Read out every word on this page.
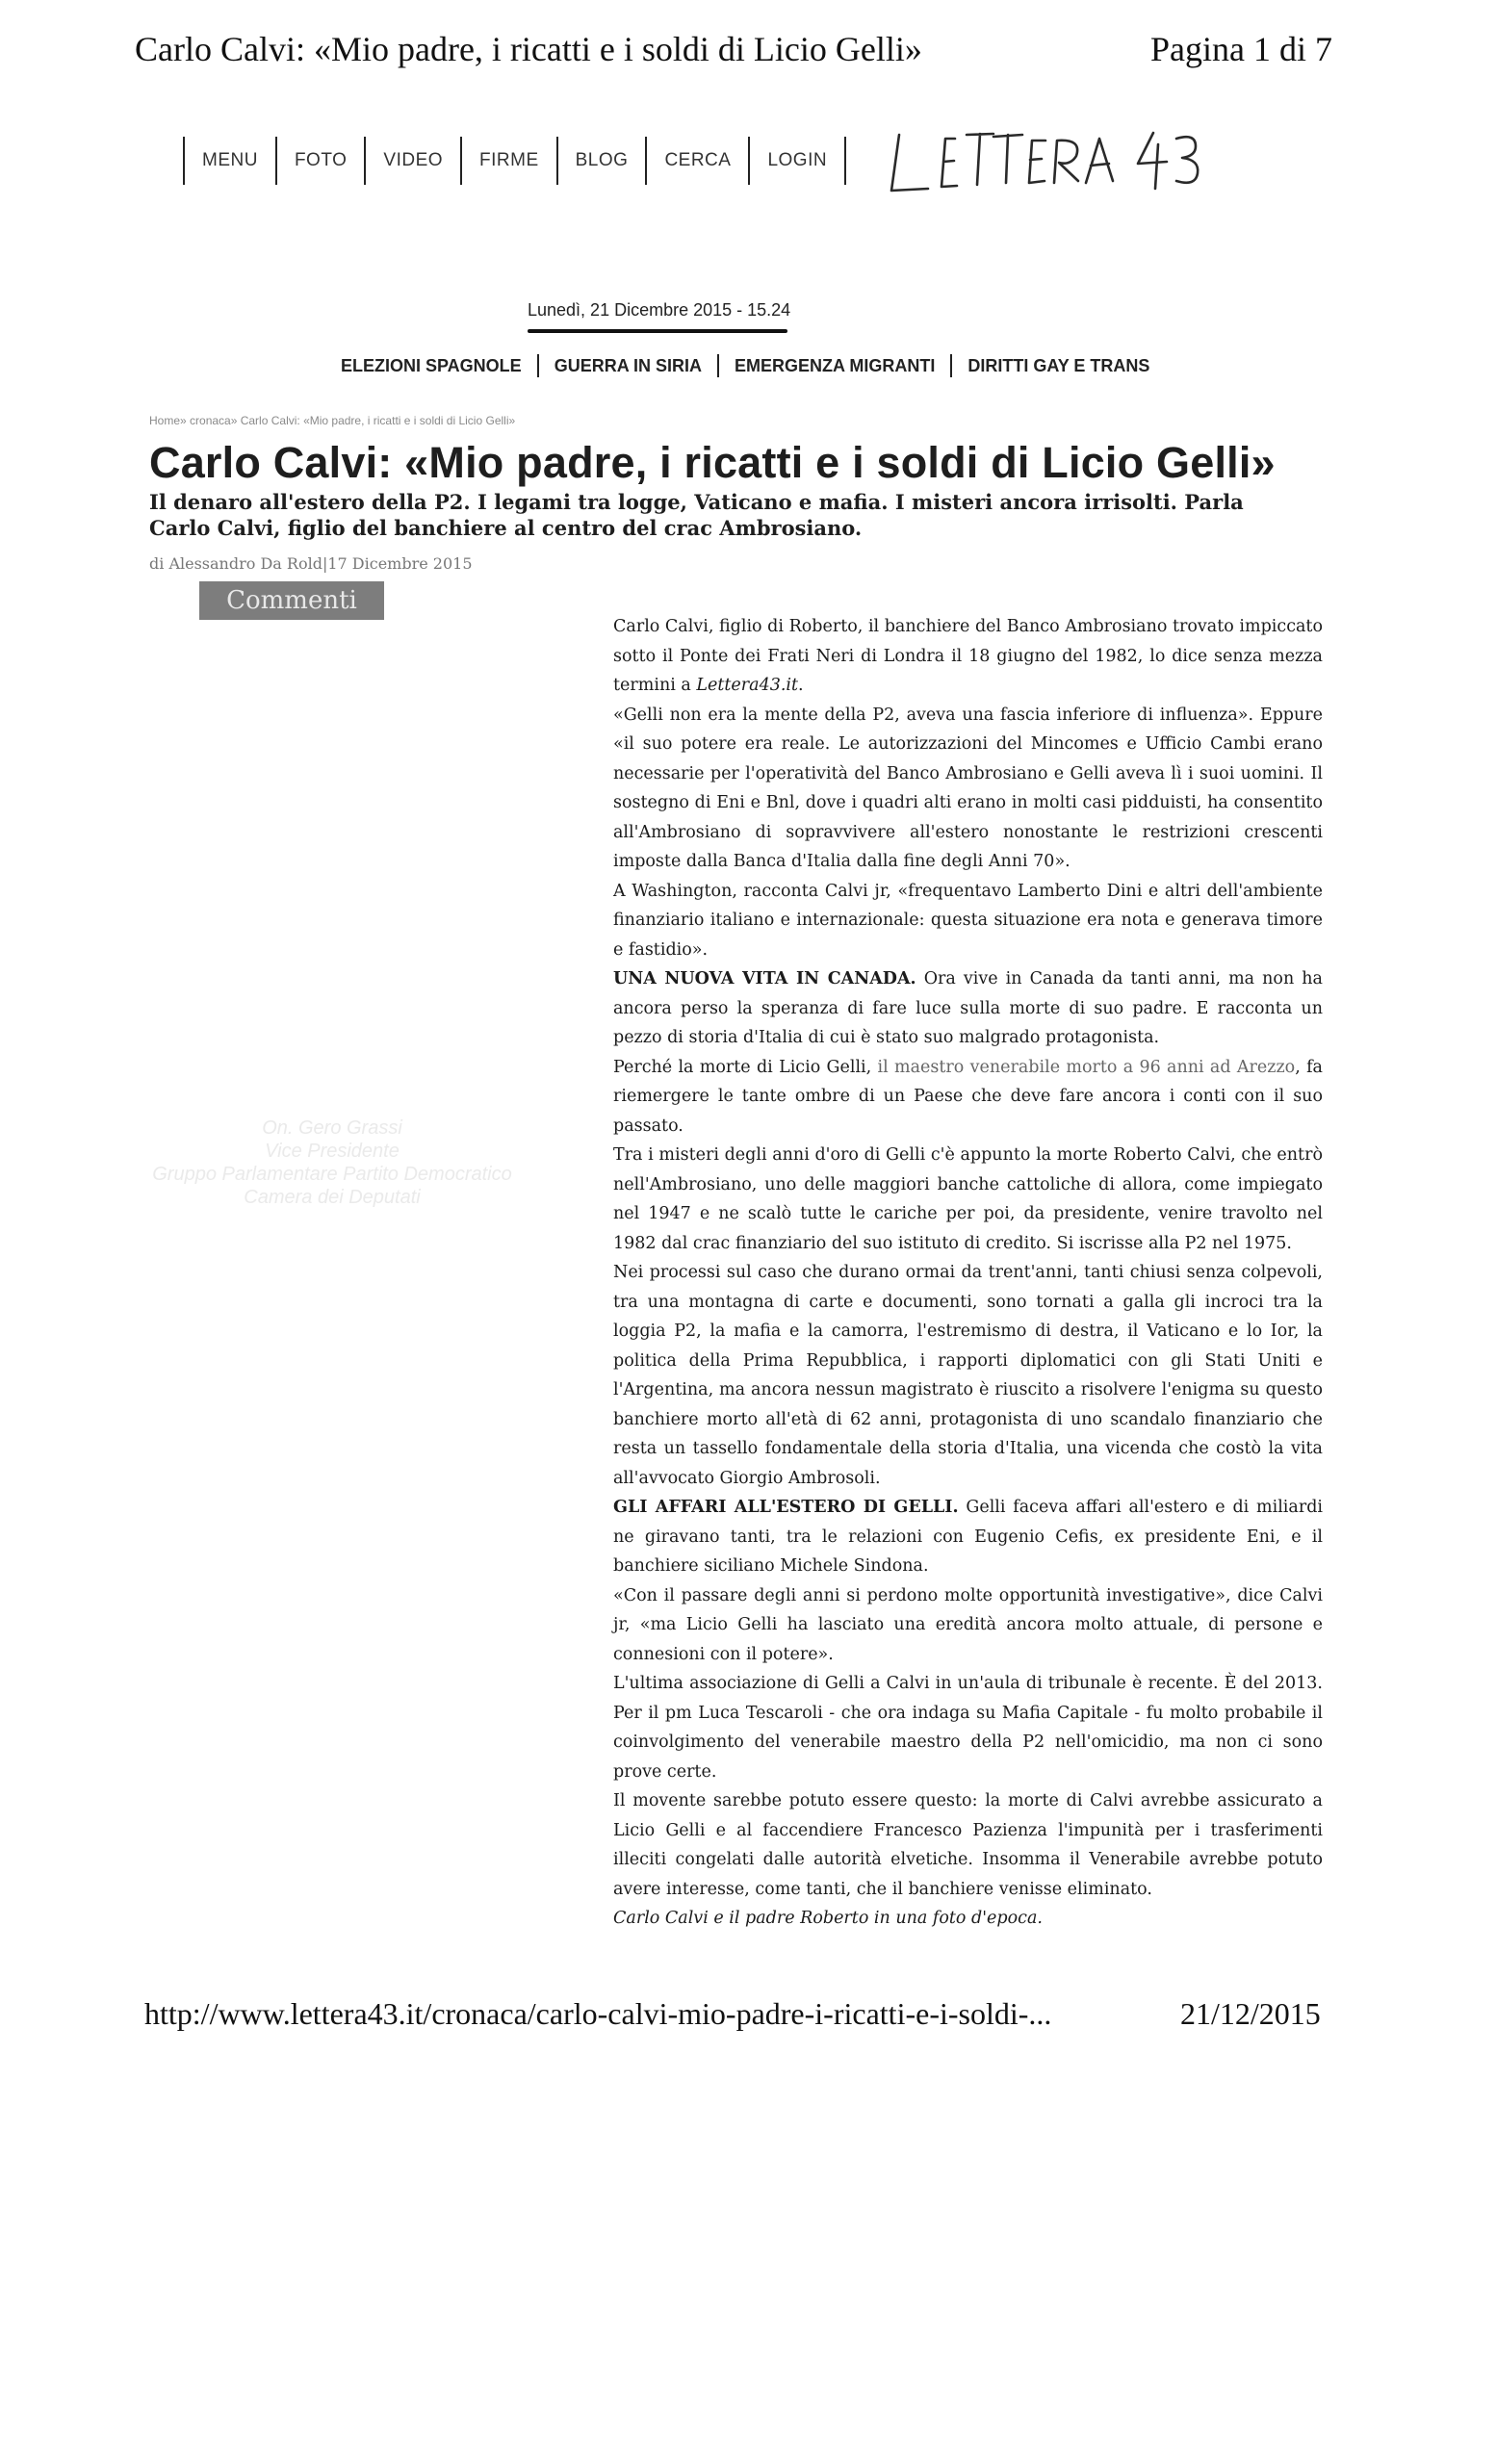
Carlo Calvi: «Mio padre, i ricatti e i soldi di Licio Gelli»	Pagina 1 di 7
MENU	FOTO	VIDEO	FIRME	BLOG	CERCA	LOGIN
Lunedì, 21 Dicembre 2015 - 15.24
ELEZIONI SPAGNOLE	GUERRA IN SIRIA	EMERGENZA MIGRANTI	DIRITTI GAY E TRANS
Home» cronaca» Carlo Calvi: «Mio padre, i ricatti e i soldi di Licio Gelli»
Carlo Calvi: «Mio padre, i ricatti e i soldi di Licio Gelli»
Il denaro all'estero della P2. I legami tra logge, Vaticano e mafia. I misteri ancora irrisolti. Parla Carlo Calvi, figlio del banchiere al centro del crac Ambrosiano.
di Alessandro Da Rold|17 Dicembre 2015
Commenti
On. Gero Grassi
Vice Presidente
Gruppo Parlamentare Partito Democratico
Camera dei Deputati

Carlo Calvi, figlio di Roberto, il banchiere del Banco Ambrosiano trovato impiccato sotto il Ponte dei Frati Neri di Londra il 18 giugno del 1982, lo dice senza mezza termini a Lettera43.it.

«Gelli non era la mente della P2, aveva una fascia inferiore di influenza». Eppure «il suo potere era reale. Le autorizzazioni del Mincomes e Ufficio Cambi erano necessarie per l'operatività del Banco Ambrosiano e Gelli aveva lì i suoi uomini. Il sostegno di Eni e Bnl, dove i quadri alti erano in molti casi pidduisti, ha consentito all'Ambrosiano di sopravvivere all'estero nonostante le restrizioni crescenti imposte dalla Banca d'Italia dalla fine degli Anni 70».

A Washington, racconta Calvi jr, «frequentavo Lamberto Dini e altri dell'ambiente finanziario italiano e internazionale: questa situazione era nota e generava timore e fastidio».

UNA NUOVA VITA IN CANADA. Ora vive in Canada da tanti anni, ma non ha ancora perso la speranza di fare luce sulla morte di suo padre. E racconta un pezzo di storia d'Italia di cui è stato suo malgrado protagonista.

Perché la morte di Licio Gelli, il maestro venerabile morto a 96 anni ad Arezzo, fa riemergere le tante ombre di un Paese che deve fare ancora i conti con il suo passato.

Tra i misteri degli anni d'oro di Gelli c'è appunto la morte Roberto Calvi, che entrò nell'Ambrosiano, uno delle maggiori banche cattoliche di allora, come impiegato nel 1947 e ne scalò tutte le cariche per poi, da presidente, venire travolto nel 1982 dal crac finanziario del suo istituto di credito. Si iscrisse alla P2 nel 1975.

Nei processi sul caso che durano ormai da trent'anni, tanti chiusi senza colpevoli, tra una montagna di carte e documenti, sono tornati a galla gli incroci tra la loggia P2, la mafia e la camorra, l'estremismo di destra, il Vaticano e lo Ior, la politica della Prima Repubblica, i rapporti diplomatici con gli Stati Uniti e l'Argentina, ma ancora nessun magistrato è riuscito a risolvere l'enigma su questo banchiere morto all'età di 62 anni, protagonista di uno scandalo finanziario che resta un tassello fondamentale della storia d'Italia, una vicenda che costò la vita all'avvocato Giorgio Ambrosoli.

GLI AFFARI ALL'ESTERO DI GELLI. Gelli faceva affari all'estero e di miliardi ne giravano tanti, tra le relazioni con Eugenio Cefis, ex presidente Eni, e il banchiere siciliano Michele Sindona.

«Con il passare degli anni si perdono molte opportunità investigative», dice Calvi jr, «ma Licio Gelli ha lasciato una eredità ancora molto attuale, di persone e connesioni con il potere».

L'ultima associazione di Gelli a Calvi in un'aula di tribunale è recente. È del 2013. Per il pm Luca Tescaroli - che ora indaga su Mafia Capitale - fu molto probabile il coinvolgimento del venerabile maestro della P2 nell'omicidio, ma non ci sono prove certe.

Il movente sarebbe potuto essere questo: la morte di Calvi avrebbe assicurato a Licio Gelli e al faccendiere Francesco Pazienza l'impunità per i trasferimenti illeciti congelati dalle autorità elvetiche. Insomma il Venerabile avrebbe potuto avere interesse, come tanti, che il banchiere venisse eliminato.

Carlo Calvi e il padre Roberto in una foto d'epoca.

http://www.lettera43.it/cronaca/carlo-calvi-mio-padre-i-ricatti-e-i-soldi-...	21/12/2015
